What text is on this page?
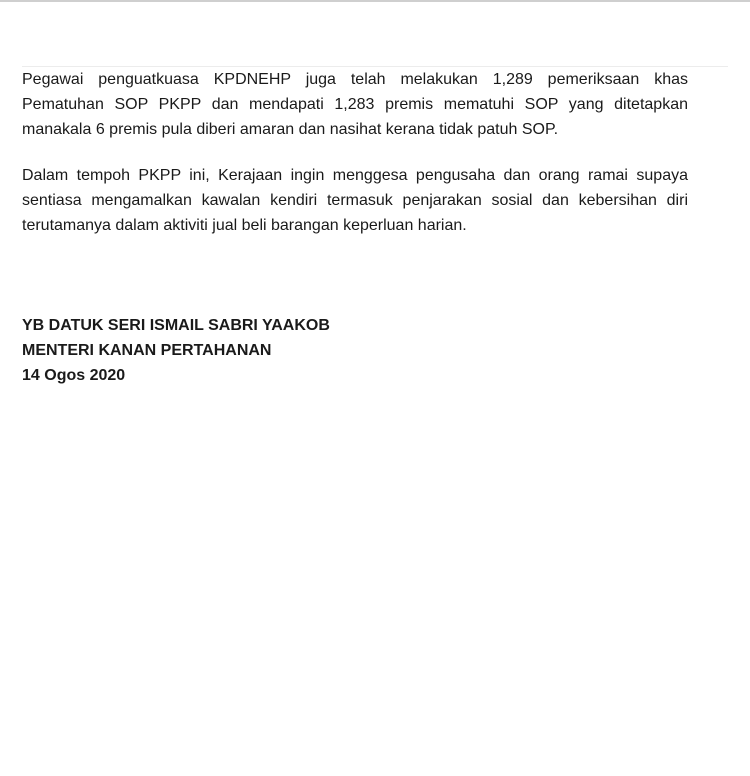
Pegawai penguatkuasa KPDNEHP juga telah melakukan 1,289 pemeriksaan khas
Pematuhan SOP PKPP dan mendapati 1,283 premis mematuhi SOP yang ditetapkan
manakala 6 premis pula diberi amaran dan nasihat kerana tidak patuh SOP.

Dalam tempoh PKPP ini, Kerajaan ingin menggesa pengusaha dan orang ramai supaya
sentiasa mengamalkan kawalan kendiri termasuk penjarakan sosial dan kebersihan diri
terutamanya dalam aktiviti jual beli barangan keperluan harian.

YB DATUK SERI ISMAIL SABRI YAAKOB
MENTERI KANAN PERTAHANAN
14 Ogos 2020
